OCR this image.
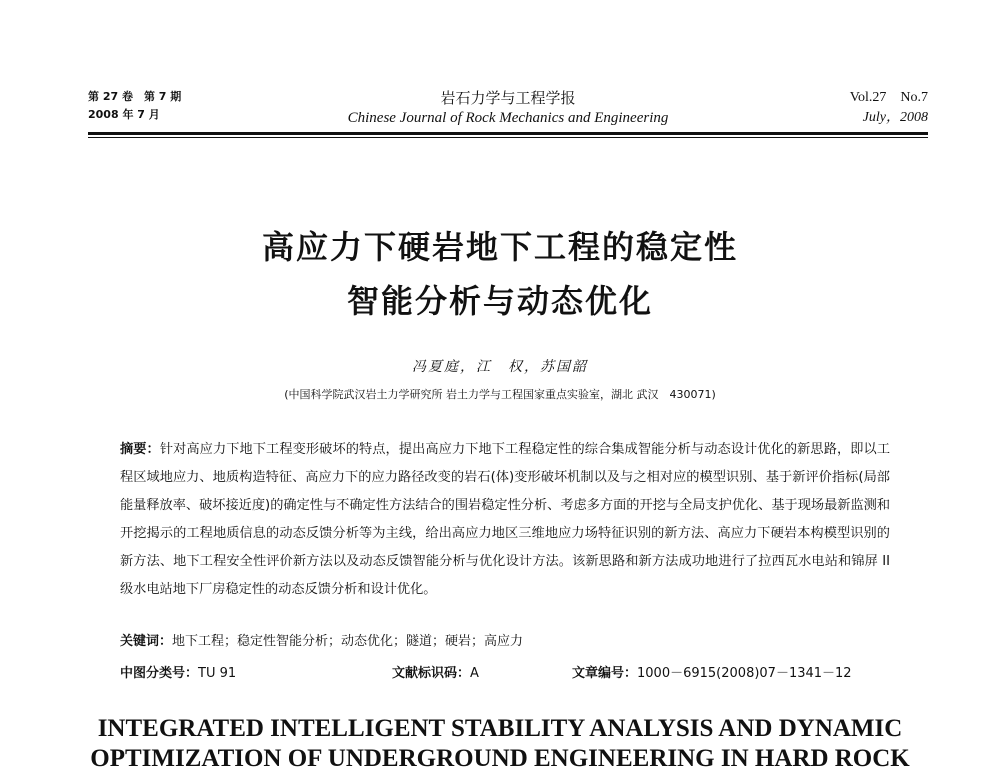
第 27 卷　第 7 期
2008 年 7 月
岩石力学与工程学报
Chinese Journal of Rock Mechanics and Engineering
Vol.27　No.7
July，2008
高应力下硬岩地下工程的稳定性
智能分析与动态优化
冯夏庭，江　权，苏国韶
(中国科学院武汉岩土力学研究所 岩土力学与工程国家重点实验室，湖北 武汉　430071)
摘要：针对高应力下地下工程变形破坏的特点，提出高应力下地下工程稳定性的综合集成智能分析与动态设计优化的新思路，即以工程区域地应力、地质构造特征、高应力下的应力路径改变的岩石(体)变形破坏机制以及与之相对应的模型识别、基于新评价指标(局部能量释放率、破坏接近度)的确定性与不确定性方法结合的围岩稳定性分析、考虑多方面的开挖与全局支护优化、基于现场最新监测和开挖揭示的工程地质信息的动态反馈分析等为主线，给出高应力地区三维地应力场特征识别的新方法、高应力下硬岩本构模型识别的新方法、地下工程安全性评价新方法以及动态反馈智能分析与优化设计方法。该新思路和新方法成功地进行了拉西瓦水电站和锦屏 II 级水电站地下厂房稳定性的动态反馈分析和设计优化。
关键词：地下工程；稳定性智能分析；动态优化；隧道；硬岩；高应力
中图分类号：TU 91	文献标识码：A	文章编号：1000－6915(2008)07－1341－12
INTEGRATED INTELLIGENT STABILITY ANALYSIS AND DYNAMIC
OPTIMIZATION OF UNDERGROUND ENGINEERING IN HARD ROCK
